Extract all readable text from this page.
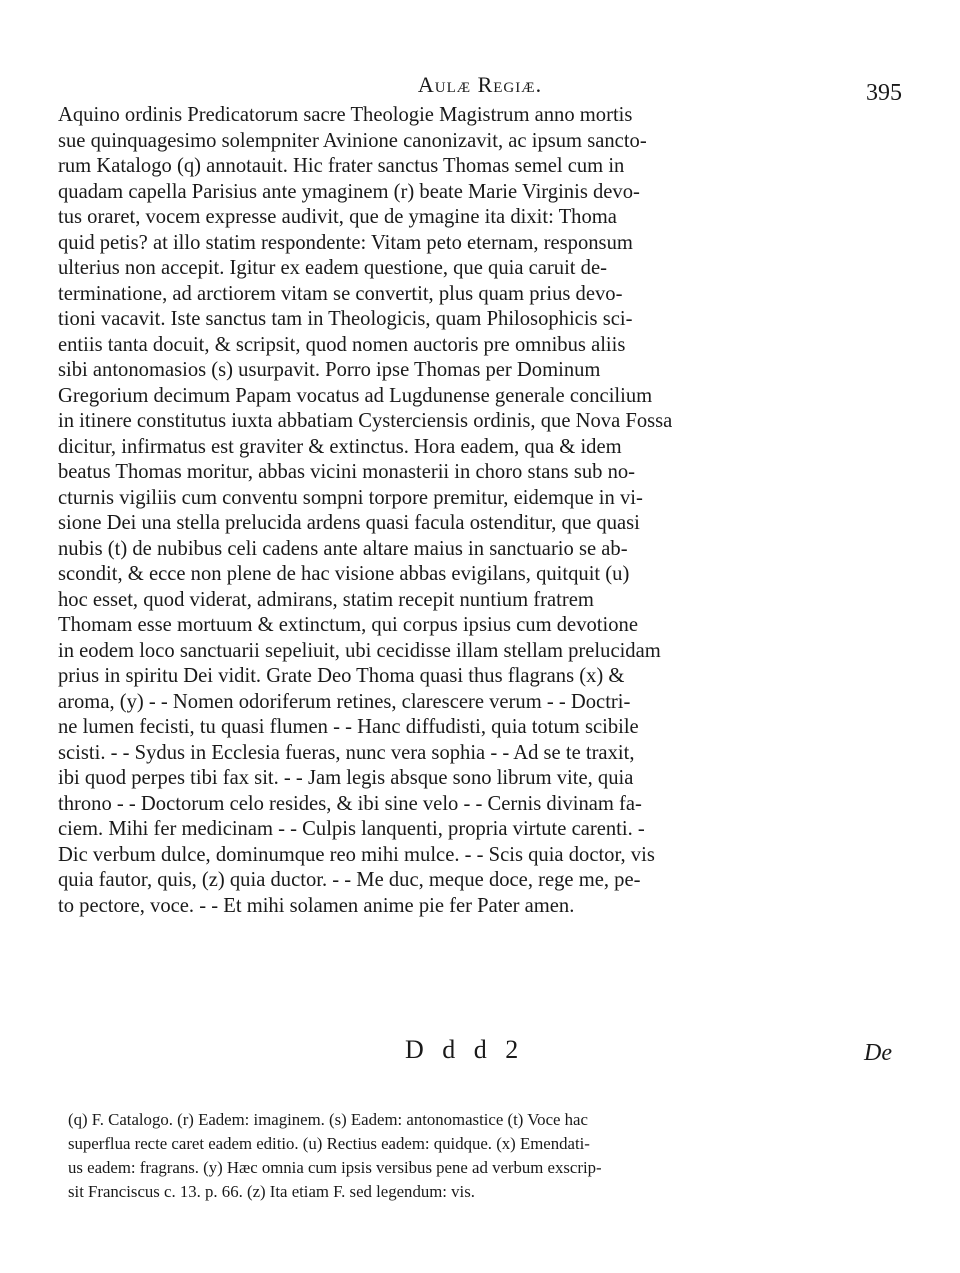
Aulæ Regiæ.	395
Aquino ordinis Predicatorum sacre Theologie Magistrum anno mortis
sue quinquagesimo solempniter Avinione canonizavit, ac ipsum sancto-
rum Katalogo (q) annotauit. Hic frater sanctus Thomas semel cum in
quadam capella Parisius ante ymaginem (r) beate Marie Virginis devo-
tus oraret, vocem expresse audivit, que de ymagine ita dixit: Thoma
quid petis? at illo statim respondente: Vitam peto eternam, responsum
ulterius non accepit. Igitur ex eadem questione, que quia caruit de-
terminatione, ad arctiorem vitam se convertit, plus quam prius devo-
tioni vacavit. Iste sanctus tam in Theologicis, quam Philosophicis sci-
entiis tanta docuit, & scripsit, quod nomen auctoris pre omnibus aliis
sibi antonomasios (s) usurpavit. Porro ipse Thomas per Dominum
Gregorium decimum Papam vocatus ad Lugdunense generale concilium
in itinere constitutus iuxta abbatiam Cysterciensis ordinis, que Nova Fossa
dicitur, infirmatus est graviter & extinctus. Hora eadem, qua & idem
beatus Thomas moritur, abbas vicini monasterii in choro stans sub no-
cturnis vigiliis cum conventu sompni torpore premitur, eidemque in vi-
sione Dei una stella prelucida ardens quasi facula ostenditur, que quasi
nubis (t) de nubibus celi cadens ante altare maius in sanctuario se ab-
scondit, & ecce non plene de hac visione abbas evigilans, quitquit (u)
hoc esset, quod viderat, admirans, statim recepit nuntium fratrem
Thomam esse mortuum & extinctum, qui corpus ipsius cum devotione
in eodem loco sanctuarii sepeliuit, ubi cecidisse illam stellam prelucidam
prius in spiritu Dei vidit. Grate Deo Thoma quasi thus flagrans (x) &
aroma, (y) - - Nomen odoriferum retines, clarescere verum - - Doctri-
ne lumen fecisti, tu quasi flumen - - Hanc diffudisti, quia totum scibile
scisti. - - Sydus in Ecclesia fueras, nunc vera sophia - - Ad se te traxit,
ibi quod perpes tibi fax sit. - - Jam legis absque sono librum vite, quia
throno - - Doctorum celo resides, & ibi sine velo - - Cernis divinam fa-
ciem. Mihi fer medicinam - - Culpis lanquenti, propria virtute carenti. -
Dic verbum dulce, dominumque reo mihi mulce. - - Scis quia doctor, vis
quia fautor, quis, (z) quia ductor. - - Me duc, meque doce, rege me, pe-
to pectore, voce. - - Et mihi solamen anime pie fer Pater amen.
D d d 2	De
(q) F. Catalogo. (r) Eadem: imaginem. (s) Eadem: antonomastice (t) Voce hac
superflua recte caret eadem editio. (u) Rectius eadem: quidque. (x) Emendati-
us eadem: fragrans. (y) Hæc omnia cum ipsis versibus pene ad verbum exscrip-
sit Franciscus c. 13. p. 66. (z) Ita etiam F. sed legendum: vis.
